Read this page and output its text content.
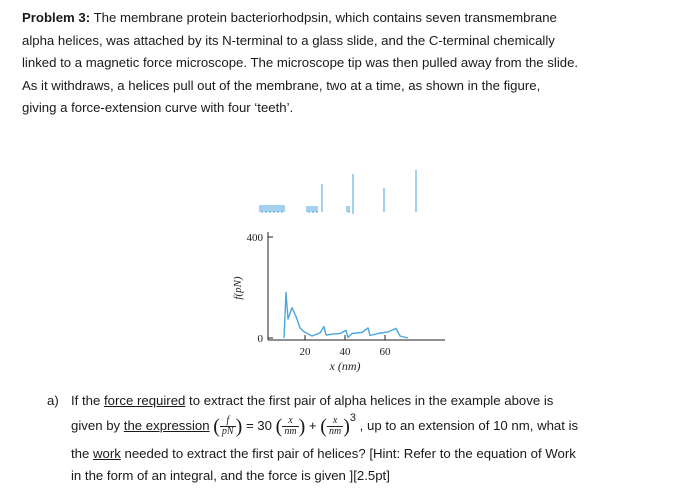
Problem 3: The membrane protein bacteriorhodpsin, which contains seven transmembrane
alpha helices, was attached by its N-terminal to a glass slide, and the C-terminal chemically
linked to a magnetic force microscope. The microscope tip was then pulled away from the slide.
As it withdraws, a helices pull out of the membrane, two at a time, as shown in the figure,
giving a force-extension curve with four ‘teeth’.
400
0
20	40	60
x (nm)
f(pN)
a) If the force required to extract the first pair of alpha helices in the example above is
given by the expression ( $\frac{f}{pN}$ ) = 30 ( $\frac{x}{nm}$ ) + ( $\frac{x}{nm} )^3$ , up to an extension of 10 nm, what is
the work needed to extract the first pair of helices? [Hint: Refer to the equation of Work
in the form of an integral, and the force is given ][2.5pt]
